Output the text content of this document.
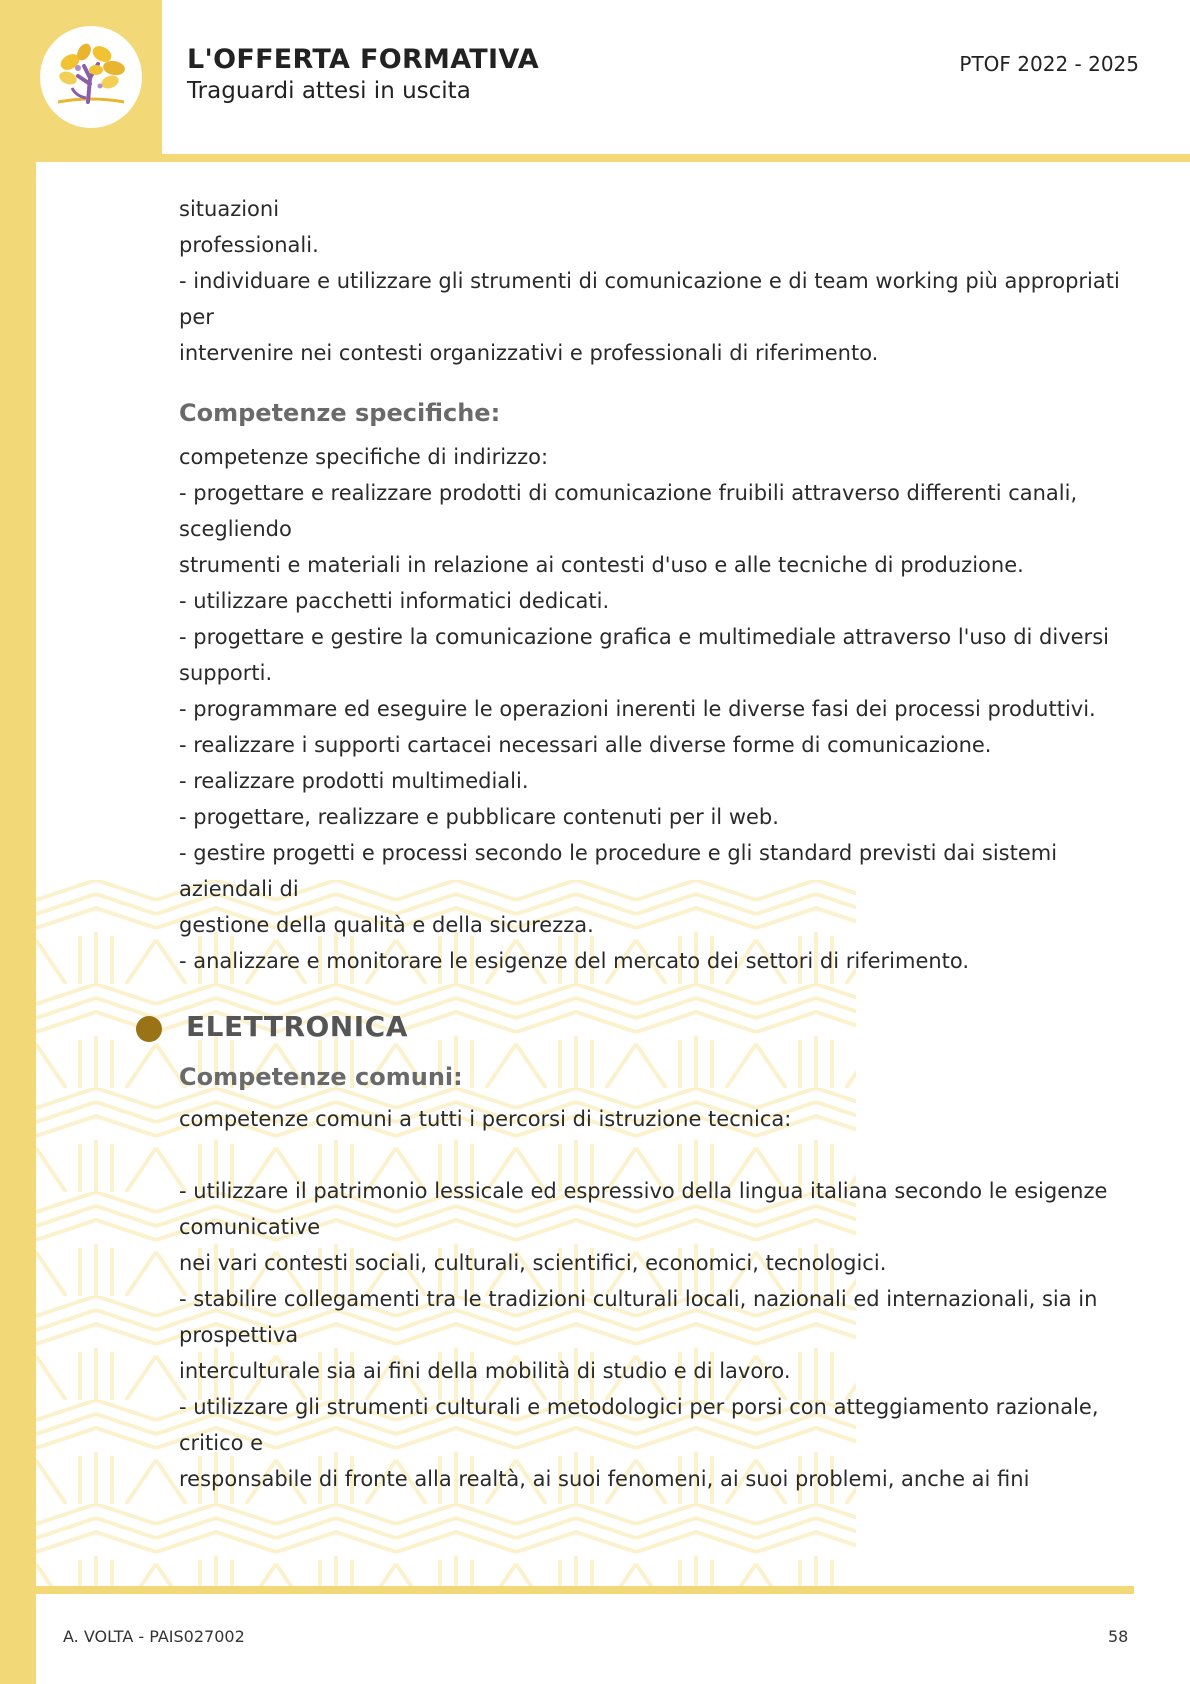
L'OFFERTA FORMATIVA
Traguardi attesi in uscita
PTOF 2022 - 2025

situazioni

professionali.

- individuare e utilizzare gli strumenti di comunicazione e di team working più appropriati

per

intervenire nei contesti organizzativi e professionali di riferimento.

Competenze specifiche:

competenze specifiche di indirizzo:

- progettare e realizzare prodotti di comunicazione fruibili attraverso differenti canali,

scegliendo

strumenti e materiali in relazione ai contesti d'uso e alle tecniche di produzione.

- utilizzare pacchetti informatici dedicati.

- progettare e gestire la comunicazione grafica e multimediale attraverso l'uso di diversi

supporti.

- programmare ed eseguire le operazioni inerenti le diverse fasi dei processi produttivi.

- realizzare i supporti cartacei necessari alle diverse forme di comunicazione.

- realizzare prodotti multimediali.

- progettare, realizzare e pubblicare contenuti per il web.

- gestire progetti e processi secondo le procedure e gli standard previsti dai sistemi

aziendali di

gestione della qualità e della sicurezza.

- analizzare e monitorare le esigenze del mercato dei settori di riferimento.

ELETTRONICA
Competenze comuni:

competenze comuni a tutti i percorsi di istruzione tecnica:

- utilizzare il patrimonio lessicale ed espressivo della lingua italiana secondo le esigenze

comunicative

nei vari contesti sociali, culturali, scientifici, economici, tecnologici.

- stabilire collegamenti tra le tradizioni culturali locali, nazionali ed internazionali, sia in

prospettiva

interculturale sia ai fini della mobilità di studio e di lavoro.

- utilizzare gli strumenti culturali e metodologici per porsi con atteggiamento razionale,

critico e

responsabile di fronte alla realtà, ai suoi fenomeni, ai suoi problemi, anche ai fini

A. VOLTA - PAIS027002	58
